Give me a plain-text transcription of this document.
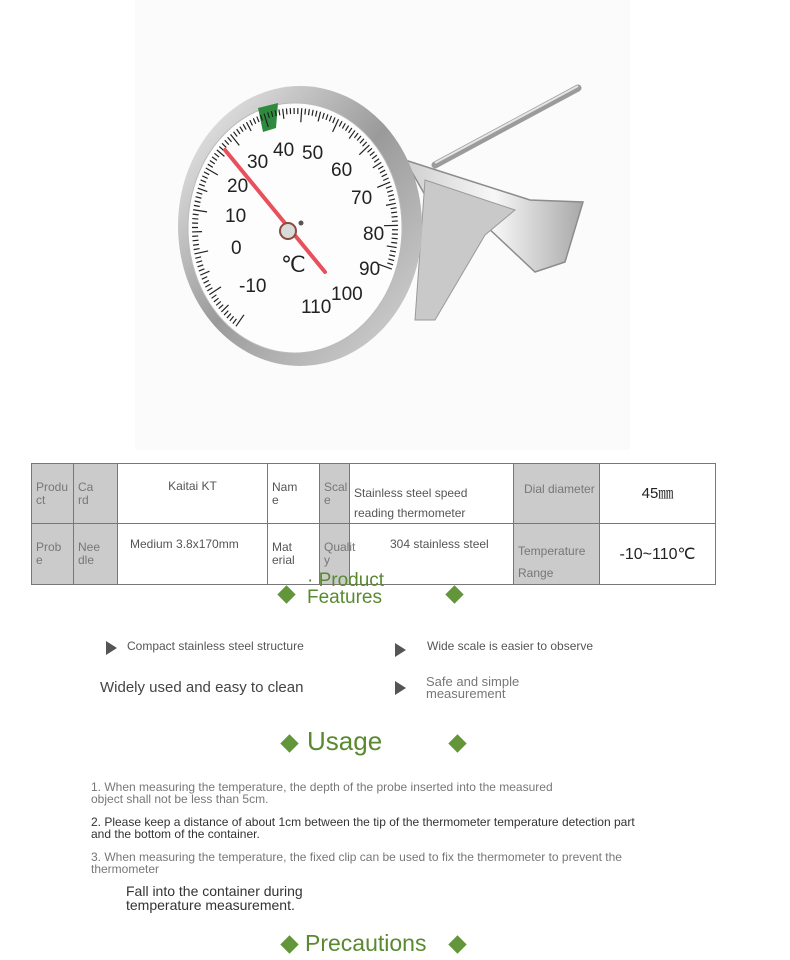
-10
0
10
20
30
40 50
60
70
80
90
100
110
℃
Product	Card	Kaitai KT	Name	Scale	Stainless steel speed reading thermometer	Dial diameter	45㎜
Probe	Needle	Medium 3.8x170mm	Material	Quality	304 stainless steel	Temperature Range	-10~110℃
· Product Features
Compact stainless steel structure	Wide scale is easier to observe
Widely used and easy to clean	Safe and simple measurement
Usage
1. When measuring the temperature, the depth of the probe inserted into the measured object shall not be less than 5cm.
2. Please keep a distance of about 1cm between the tip of the thermometer temperature detection part and the bottom of the container.
3. When measuring the temperature, the fixed clip can be used to fix the thermometer to prevent the thermometer
Fall into the container during temperature measurement.
Precautions
